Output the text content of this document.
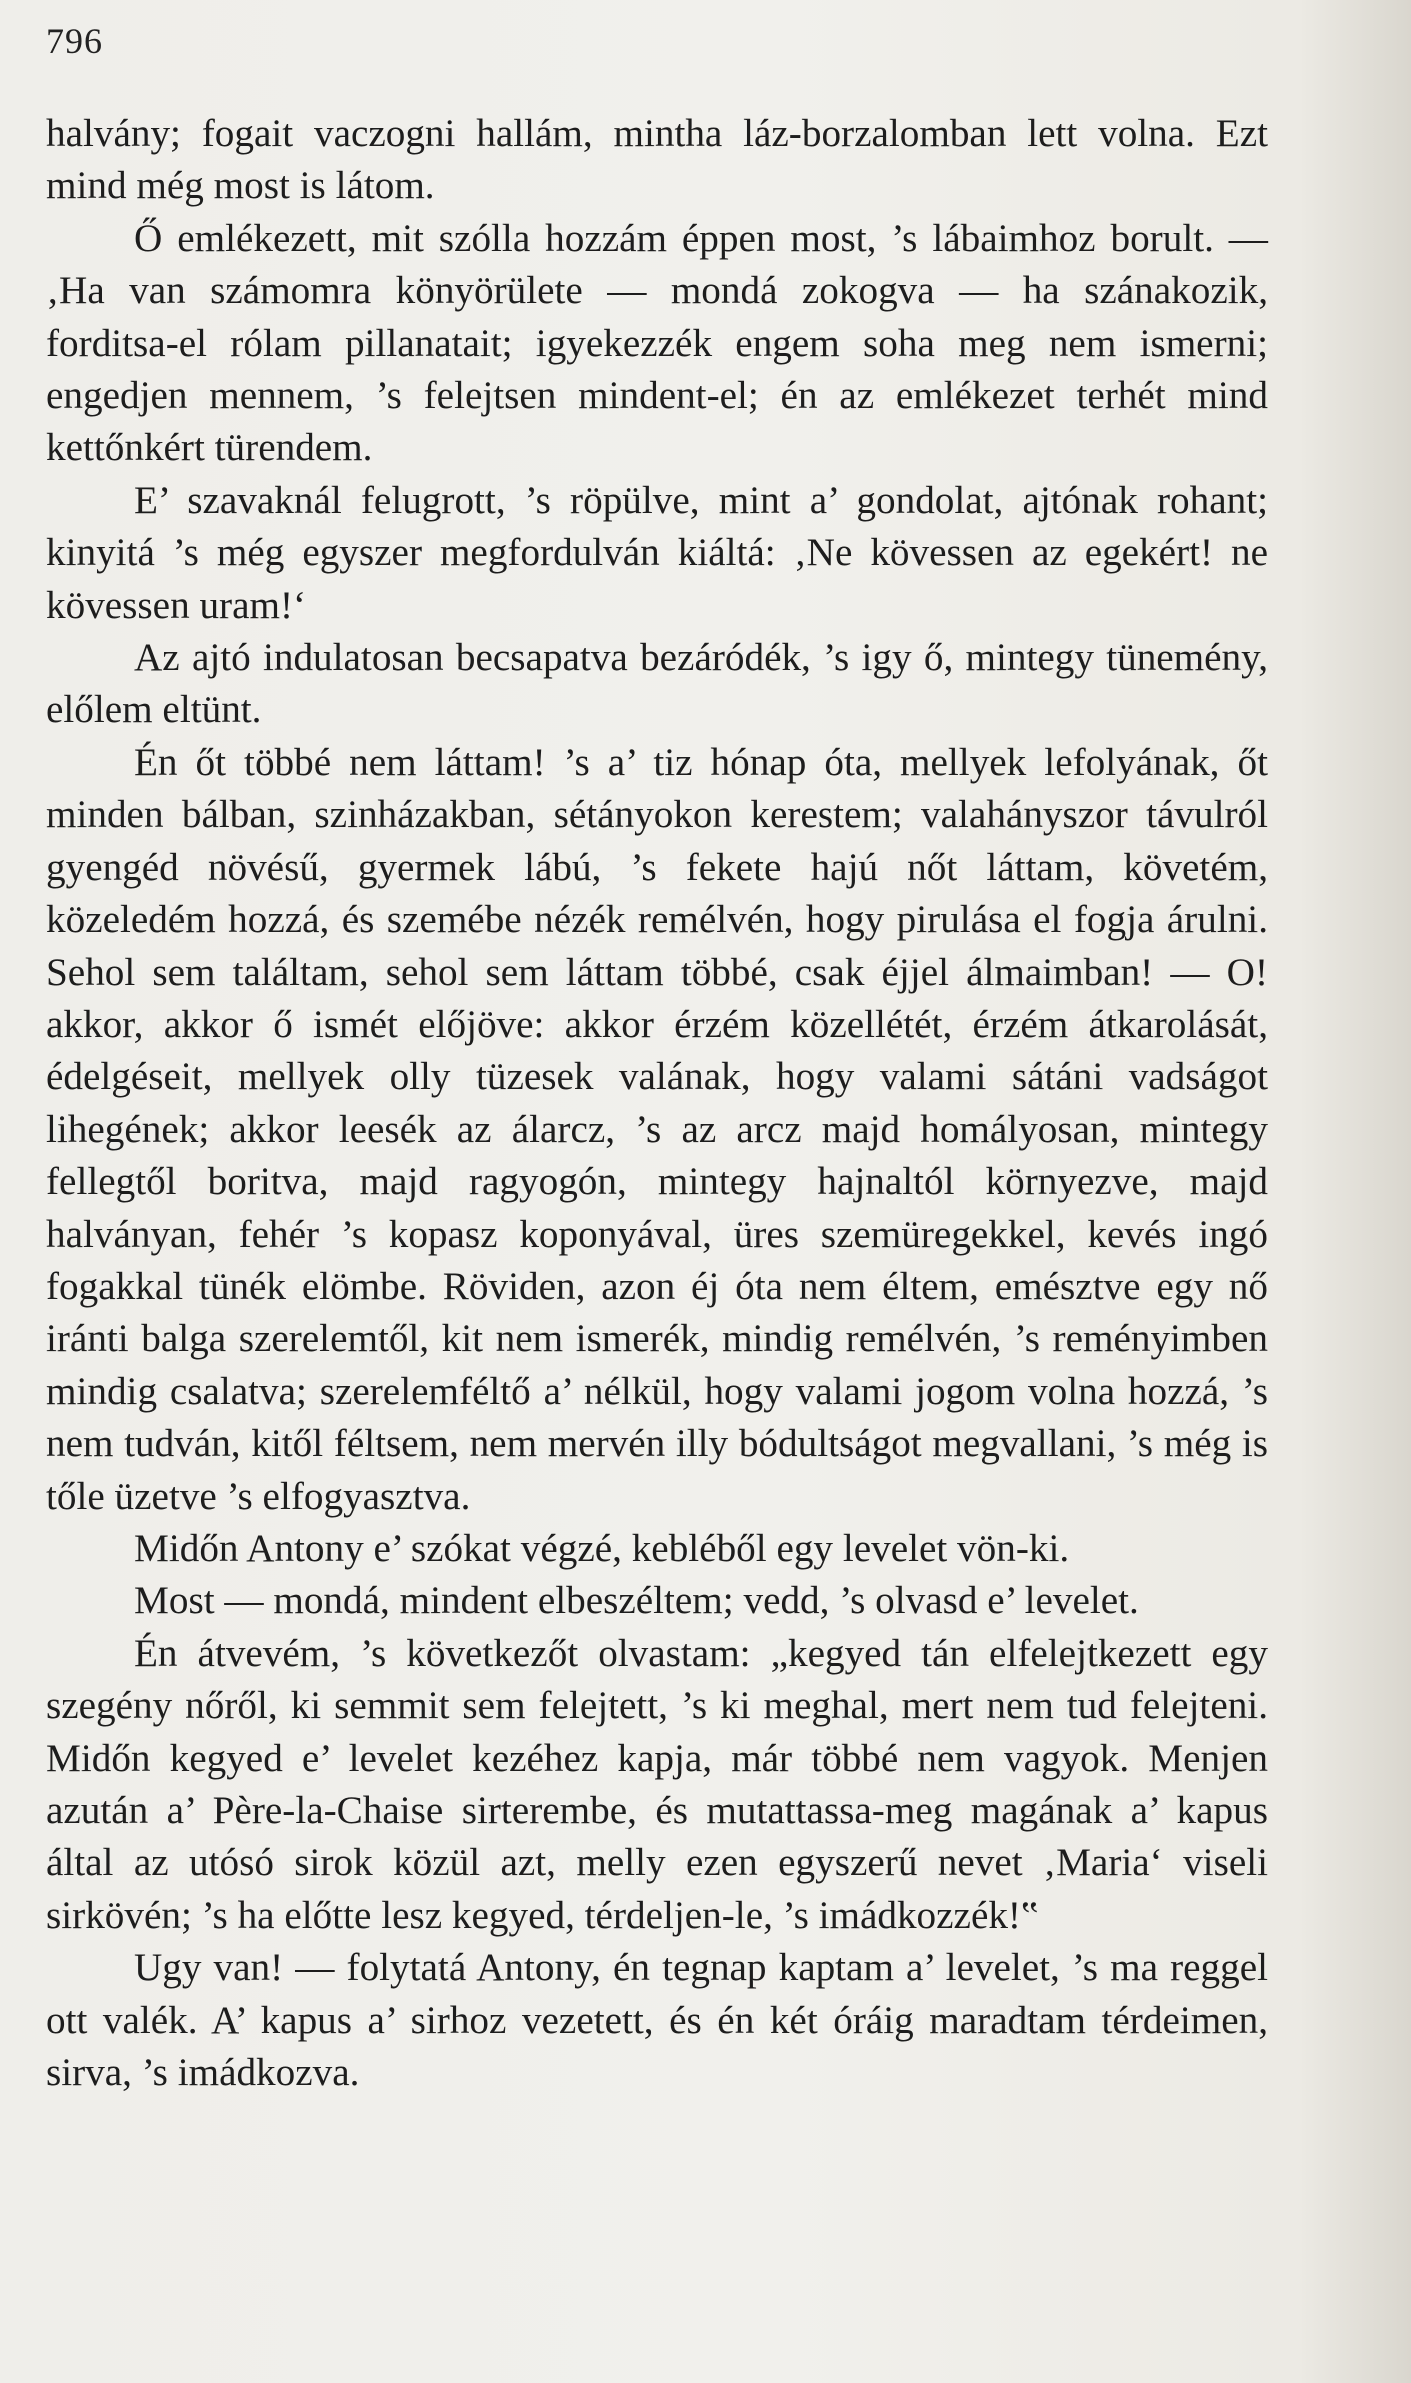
796

halvány; fogait vaczogni hallám, mintha láz-borzalomban lett volna. Ezt mind még most is látom.

Ő emlékezett, mit szólla hozzám éppen most, ’s lábaimhoz borult. — ‚Ha van számomra könyörülete — mondá zokogva — ha szánakozik, forditsa-el rólam pillanatait; igyekezzék engem soha meg nem ismerni; engedjen mennem, ’s felejtsen mindent-el; én az emlékezet terhét mind kettőnkért türendem.

E’ szavaknál felugrott, ’s röpülve, mint a’ gondolat, ajtónak rohant; kinyitá ’s még egyszer megfordulván kiáltá: ‚Ne kövessen az egekért! ne kövessen uram!‘

Az ajtó indulatosan becsapatva bezáródék, ’s igy ő, mintegy tünemény, előlem eltünt.

Én őt többé nem láttam! ’s a’ tiz hónap óta, mellyek lefolyának, őt minden bálban, szinházakban, sétányokon kerestem; valahányszor távulról gyengéd növésű, gyermek lábú, ’s fekete hajú nőt láttam, követém, közeledém hozzá, és szemébe nézék remélvén, hogy pirulása el fogja árulni. Sehol sem találtam, sehol sem láttam többé, csak éjjel álmaimban! — O! akkor, akkor ő ismét előjöve: akkor érzém közellétét, érzém átkarolását, édelgéseit, mellyek olly tüzesek valának, hogy valami sátáni vadságot lihegének; akkor leesék az álarcz, ’s az arcz majd homályosan, mintegy fellegtől boritva, majd ragyogón, mintegy hajnaltól környezve, majd halványan, fehér ’s kopasz koponyával, üres szemüregekkel, kevés ingó fogakkal tünék elömbe. Röviden, azon éj óta nem éltem, emésztve egy nő iránti balga szerelemtől, kit nem ismerék, mindig remélvén, ’s reményimben mindig csalatva; szerelemféltő a’ nélkül, hogy valami jogom volna hozzá, ’s nem tudván, kitől féltsem, nem mervén illy bódultságot megvallani, ’s még is tőle üzetve ’s elfogyasztva.

Midőn Antony e’ szókat végzé, kebléből egy levelet vön-ki.

Most — mondá, mindent elbeszéltem; vedd, ’s olvasd e’ levelet.

Én átvevém, ’s következőt olvastam: „kegyed tán elfelejtkezett egy szegény nőről, ki semmit sem felejtett, ’s ki meghal, mert nem tud felejteni. Midőn kegyed e’ levelet kezéhez kapja, már többé nem vagyok. Menjen azután a’ Père-la-Chaise sirterembe, és mutattassa-meg magának a’ kapus által az utósó sirok közül azt, melly ezen egyszerű nevet ‚Maria‘ viseli sirkövén; ’s ha előtte lesz kegyed, térdeljen-le, ’s imádkozzék!‟

Ugy van! — folytatá Antony, én tegnap kaptam a’ levelet, ’s ma reggel ott valék. A’ kapus a’ sirhoz vezetett, és én két óráig maradtam térdeimen, sirva, ’s imádkozva.
